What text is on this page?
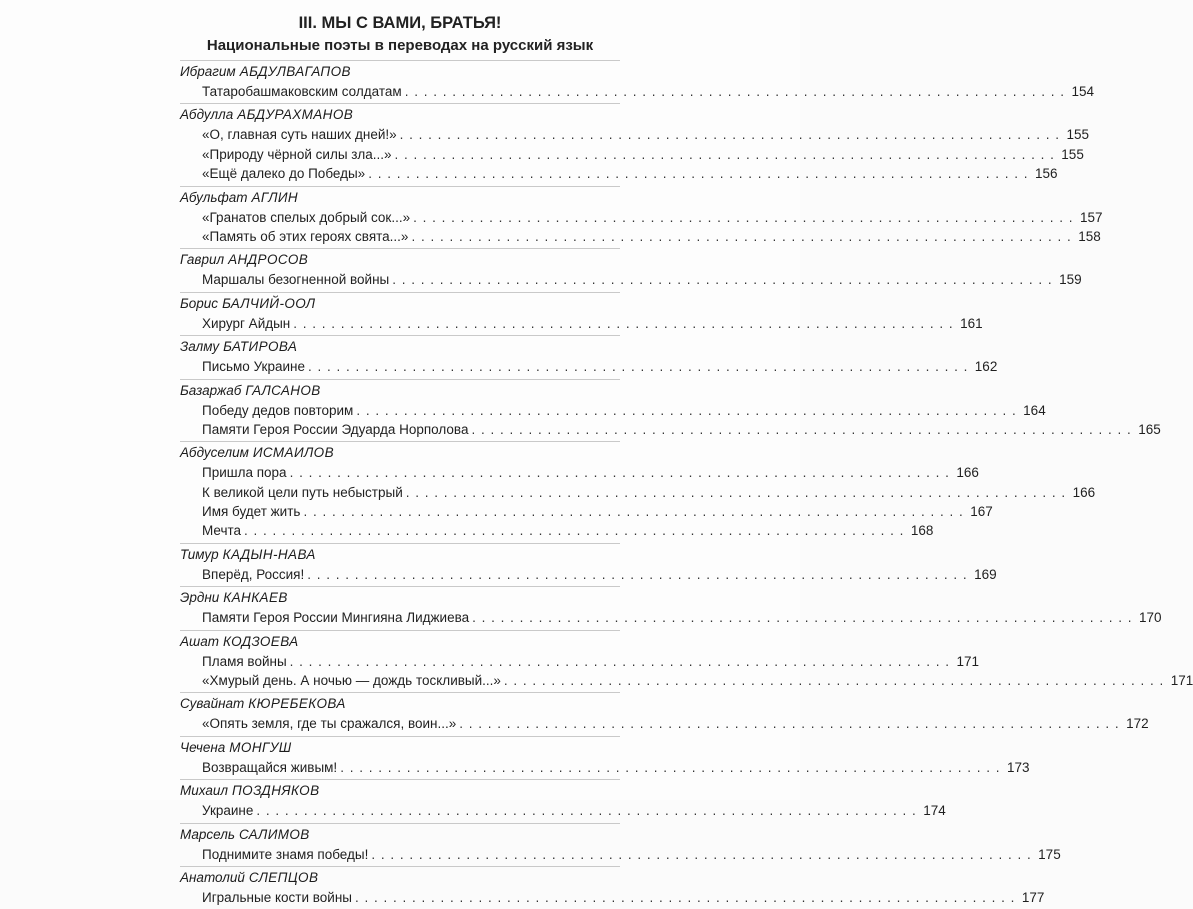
III. МЫ С ВАМИ, БРАТЬЯ!
Национальные поэты в переводах на русский язык
Ибрагим АБДУЛВАГАПОВ
Татаробашмаковским солдатам . . .	154
Абдулла АБДУРАХМАНОВ
«О, главная суть наших дней!» . . .	155
«Природу чёрной силы зла...» . . .	155
«Ещё далеко до Победы» . . .	156
Абульфат АГЛИН
«Гранатов спелых добрый сок...» . . .	157
«Память об этих героях свята...» . . .	158
Гаврил АНДРОСОВ
Маршалы безогненной войны . . .	159
Борис БАЛЧИЙ-ООЛ
Хирург Айдын . . .	161
Залму БАТИРОВА
Письмо Украине . . .	162
Базаржаб ГАЛСАНОВ
Победу дедов повторим . . .	164
Памяти Героя России Эдуарда Норполова . . .	165
Абдуселим ИСМАИЛОВ
Пришла пора . . .	166
К великой цели путь небыстрый . . .	166
Имя будет жить . . .	167
Мечта . . .	168
Тимур КАДЫН-НАВА
Вперёд, Россия! . . .	169
Эрдни КАНКАЕВ
Памяти Героя России Мингияна Лиджиева . . .	170
Ашат КОДЗОЕВА
Пламя войны . . .	171
«Хмурый день. А ночью — дождь тоскливый...» . . .	171
Сувайнат КЮРЕБЕКОВА
«Опять земля, где ты сражался, воин...» . . .	172
Чечена МОНГУШ
Возвращайся живым! . . .	173
Михаил ПОЗДНЯКОВ
Украине . . .	174
Марсель САЛИМОВ
Поднимите знамя победы! . . .	175
Анатолий СЛЕПЦОВ
Игральные кости войны . . .	177
